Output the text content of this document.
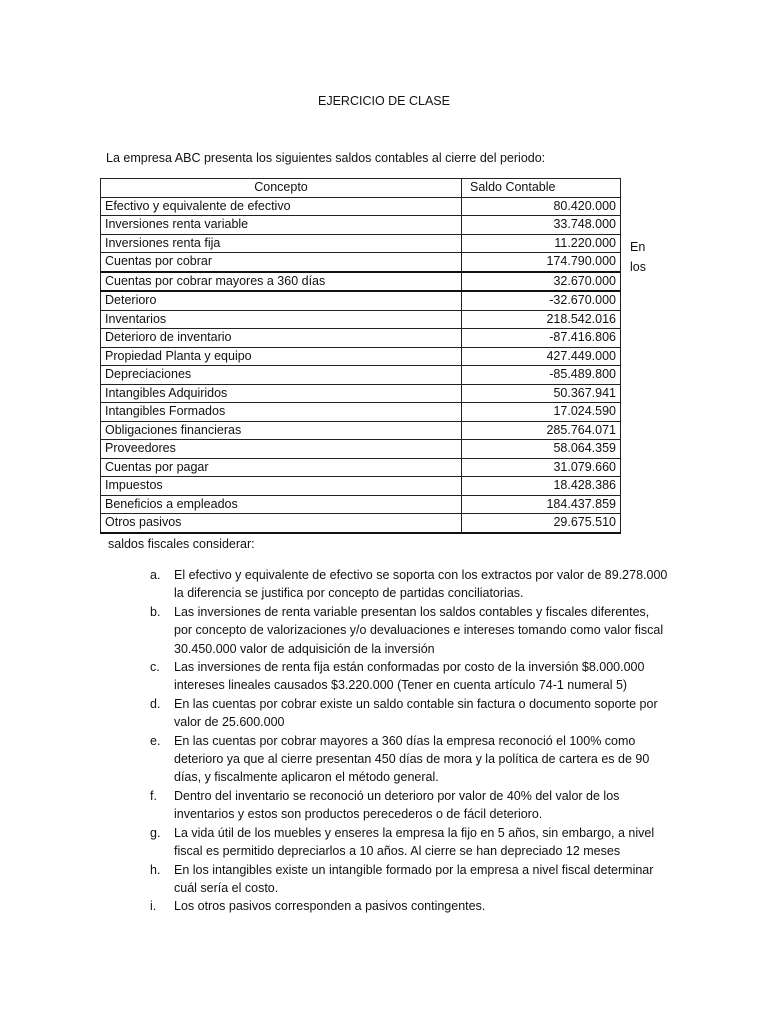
EJERCICIO DE CLASE
La empresa ABC presenta los siguientes saldos contables al cierre del periodo:
Concepto	Saldo Contable
Efectivo y equivalente de efectivo	80.420.000
Inversiones renta variable	33.748.000
Inversiones renta fija	11.220.000
Cuentas por cobrar	174.790.000
Cuentas por cobrar mayores a 360 días	32.670.000
Deterioro	-32.670.000
Inventarios	218.542.016
Deterioro de inventario	-87.416.806
Propiedad Planta y equipo	427.449.000
Depreciaciones	-85.489.800
Intangibles Adquiridos	50.367.941
Intangibles Formados	17.024.590
Obligaciones financieras	285.764.071
Proveedores	58.064.359
Cuentas por pagar	31.079.660
Impuestos	18.428.386
Beneficios a empleados	184.437.859
Otros pasivos	29.675.510
En
los
saldos fiscales considerar:
a. El efectivo y equivalente de efectivo se soporta con los extractos por valor de 89.278.000 la diferencia se justifica por concepto de partidas conciliatorias.
b. Las inversiones de renta variable presentan los saldos contables y fiscales diferentes, por concepto de valorizaciones y/o devaluaciones e intereses tomando como valor fiscal 30.450.000 valor de adquisición de la inversión
c. Las inversiones de renta fija están conformadas por costo de la inversión $8.000.000 intereses lineales causados $3.220.000 (Tener en cuenta artículo 74-1 numeral 5)
d. En las cuentas por cobrar existe un saldo contable sin factura o documento soporte por valor de 25.600.000
e. En las cuentas por cobrar mayores a 360 días la empresa reconoció el 100% como deterioro ya que al cierre presentan 450 días de mora y la política de cartera es de 90 días, y fiscalmente aplicaron el método general.
f. Dentro del inventario se reconoció un deterioro por valor de 40% del valor de los inventarios y estos son productos perecederos o de fácil deterioro.
g. La vida útil de los muebles y enseres la empresa la fijo en 5 años, sin embargo, a nivel fiscal es permitido depreciarlos a 10 años. Al cierre se han depreciado 12 meses
h. En los intangibles existe un intangible formado por la empresa a nivel fiscal determinar cuál sería el costo.
i. Los otros pasivos corresponden a pasivos contingentes.
